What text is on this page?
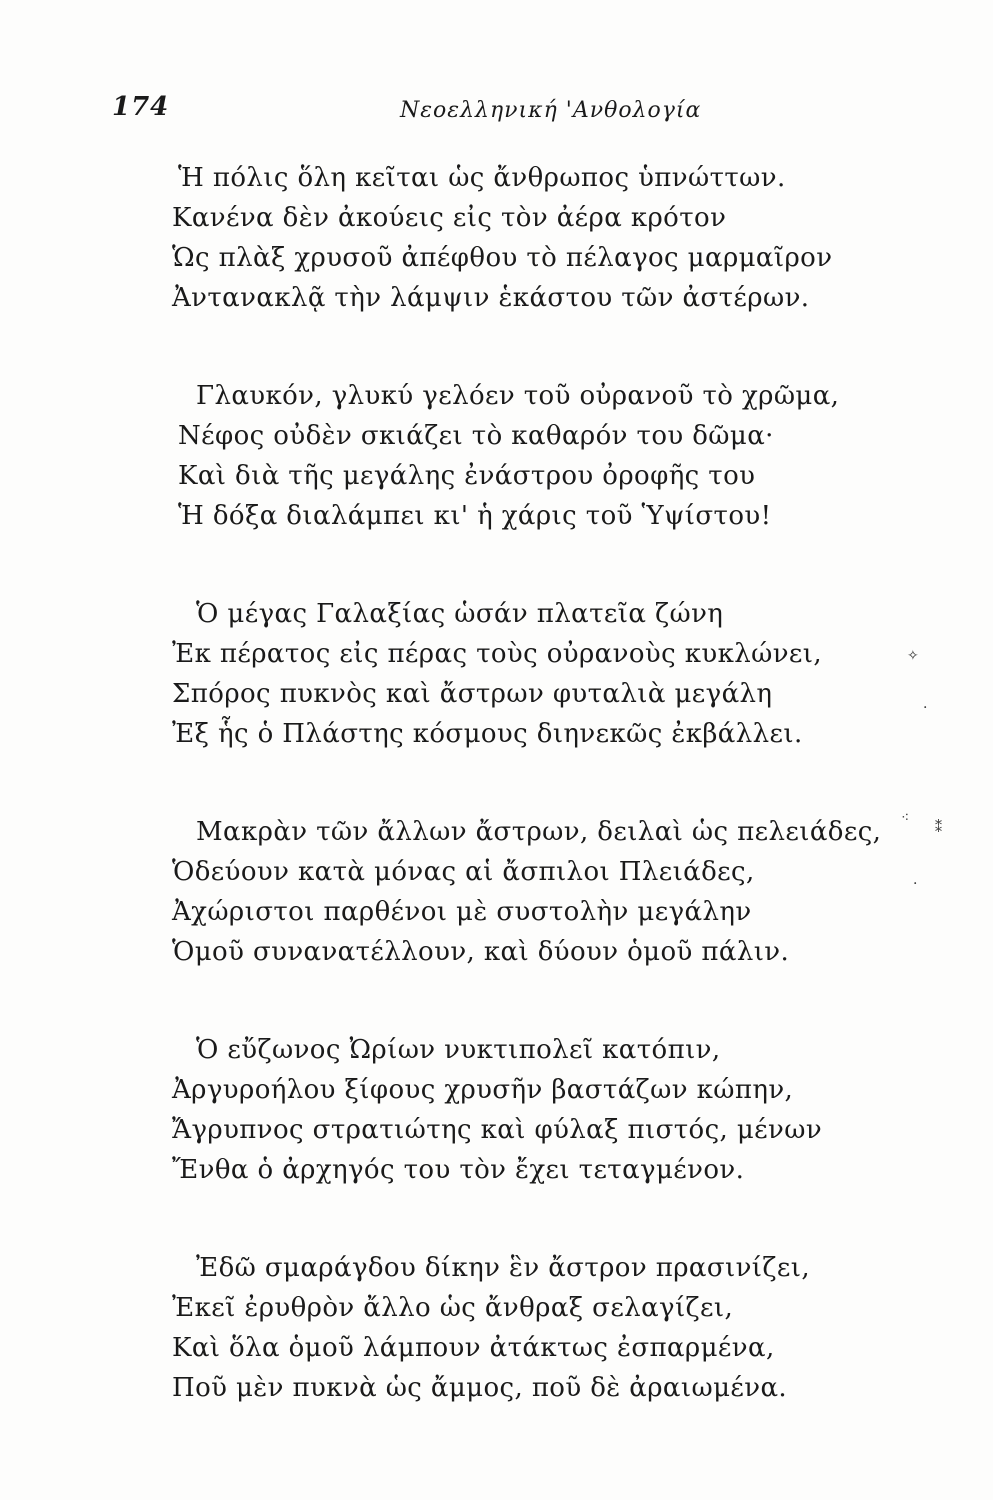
174	Νεοελληνική 'Ανθολογία
Ἡ πόλις ὅλη κεῖται ὡς ἄνθρωπος ὑπνώττων.
Κανένα δὲν ἀκούεις εἰς τὸν ἀέρα κρότον
Ὡς πλὰξ χρυσοῦ ἀπέφθου τὸ πέλαγος μαρμαῖρον
Ἀντανακλᾷ τὴν λάμψιν ἑκάστου τῶν ἀστέρων.
Γλαυκόν, γλυκύ γελόεν τοῦ οὐρανοῦ τὸ χρῶμα,
Νέφος οὐδὲν σκιάζει τὸ καθαρόν του δῶμα·
Καὶ διὰ τῆς μεγάλης ἐνάστρου ὀροφῆς του
Ἡ δόξα διαλάμπει κι' ἡ χάρις τοῦ Ὑψίστου!
Ὁ μέγας Γαλαξίας ὡσάν πλατεῖα ζώνη
Ἐκ πέρατος εἰς πέρας τοὺς οὐρανοὺς κυκλώνει,
Σπόρος πυκνὸς καὶ ἄστρων φυταλιὰ μεγάλη
Ἐξ ἧς ὁ Πλάστης κόσμους διηνεκῶς ἐκβάλλει.
Μακρὰν τῶν ἄλλων ἄστρων, δειλαὶ ὡς πελειάδες,
Ὁδεύουν κατὰ μόνας αἱ ἄσπιλοι Πλειάδες,
Ἀχώριστοι παρθένοι μὲ συστολὴν μεγάλην
Ὁμοῦ συνανατέλλουν, καὶ δύουν ὁμοῦ πάλιν.
Ὁ εὔζωνος Ὠρίων νυκτιπολεῖ κατόπιν,
Ἀργυροήλου ξίφους χρυσῆν βαστάζων κώπην,
Ἄγρυπνος στρατιώτης καὶ φύλαξ πιστός, μένων
Ἔνθα ὁ ἀρχηγός του τὸν ἔχει τεταγμένον.
Ἐδῶ σμαράγδου δίκην ἓν ἄστρον πρασινίζει,
Ἐκεῖ ἐρυθρὸν ἄλλο ὡς ἄνθραξ σελαγίζει,
Καὶ ὅλα ὁμοῦ λάμπουν ἀτάκτως ἐσπαρμένα,
Ποῦ μὲν πυκνὰ ὡς ἄμμος, ποῦ δὲ ἀραιωμένα.
✧
·
⁖
⁑
·
